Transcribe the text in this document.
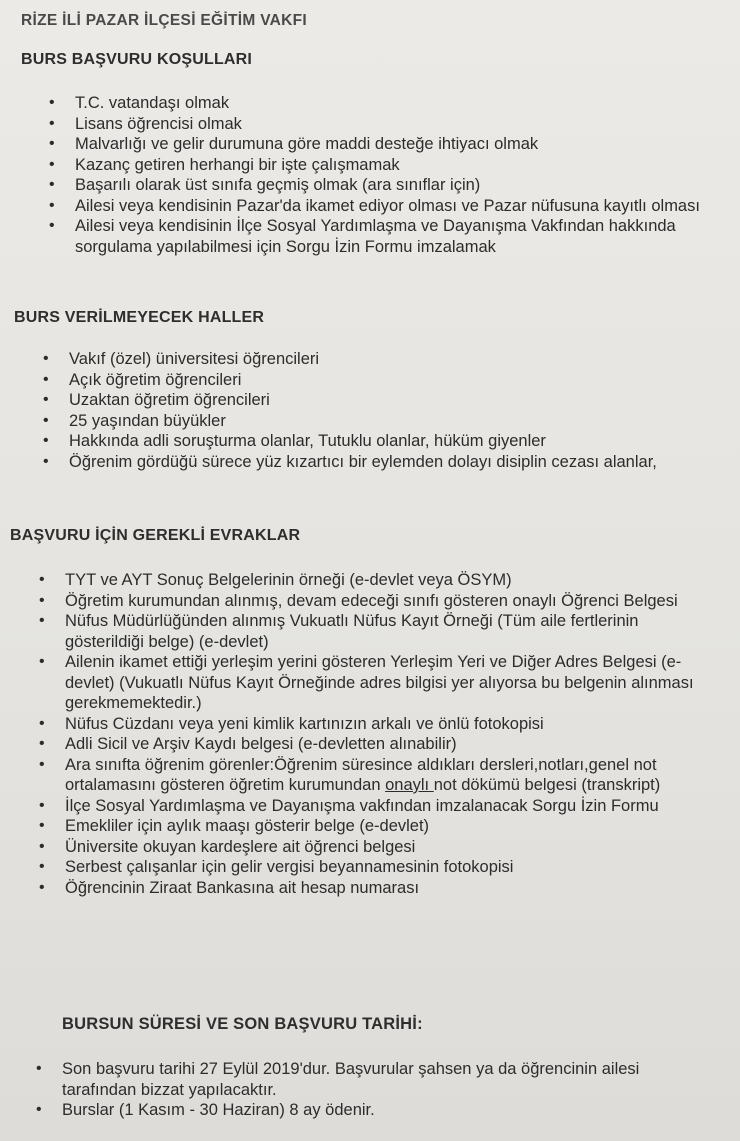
RİZE İLİ PAZAR İLÇESİ EĞİTİM VAKFI
BURS BAŞVURU KOŞULLARI
• T.C. vatandaşı olmak
• Lisans öğrencisi olmak
• Malvarlığı ve gelir durumuna göre maddi desteğe ihtiyacı olmak
• Kazanç getiren herhangi bir işte çalışmamak
• Başarılı olarak üst sınıfa geçmiş olmak (ara sınıflar için)
• Ailesi veya kendisinin Pazar'da ikamet ediyor olması ve Pazar nüfusuna kayıtlı olması
• Ailesi veya kendisinin İlçe Sosyal Yardımlaşma ve Dayanışma Vakfından hakkında sorgulama yapılabilmesi için Sorgu İzin Formu imzalamak
BURS VERİLMEYECEK HALLER
• Vakıf (özel) üniversitesi öğrencileri
• Açık öğretim öğrencileri
• Uzaktan öğretim öğrencileri
• 25 yaşından büyükler
• Hakkında adli soruşturma olanlar, Tutuklu olanlar, hüküm giyenler
• Öğrenim gördüğü sürece yüz kızartıcı bir eylemden dolayı disiplin cezası alanlar,
BAŞVURU İÇİN GEREKLİ EVRAKLAR
• TYT ve AYT Sonuç Belgelerinin örneği (e-devlet veya ÖSYM)
• Öğretim kurumundan alınmış, devam edeceği sınıfı gösteren onaylı Öğrenci Belgesi
• Nüfus Müdürlüğünden alınmış Vukuatlı Nüfus Kayıt Örneği (Tüm aile fertlerinin gösterildiği belge) (e-devlet)
• Ailenin ikamet ettiği yerleşim yerini gösteren Yerleşim Yeri ve Diğer Adres Belgesi (e-devlet) (Vukuatlı Nüfus Kayıt Örneğinde adres bilgisi yer alıyorsa bu belgenin alınması gerekmemektedir.)
• Nüfus Cüzdanı veya yeni kimlik kartınızın arkalı ve önlü fotokopisi
• Adli Sicil ve Arşiv Kaydı belgesi (e-devletten alınabilir)
• Ara sınıfta öğrenim görenler:Öğrenim süresince aldıkları dersleri,notları,genel not ortalamasını gösteren öğretim kurumundan onaylı not dökümü belgesi (transkript)
• İlçe Sosyal Yardımlaşma ve Dayanışma vakfından imzalanacak Sorgu İzin Formu
• Emekliler için aylık maaşı gösterir belge (e-devlet)
• Üniversite okuyan kardeşlere ait öğrenci belgesi
• Serbest çalışanlar için gelir vergisi beyannamesinin fotokopisi
• Öğrencinin Ziraat Bankasına ait hesap numarası
BURSUN SÜRESİ VE SON BAŞVURU TARİHİ:
• Son başvuru tarihi 27 Eylül 2019'dur. Başvurular şahsen ya da öğrencinin ailesi tarafından bizzat yapılacaktır.
• Burslar (1 Kasım - 30 Haziran) 8 ay ödenir.
